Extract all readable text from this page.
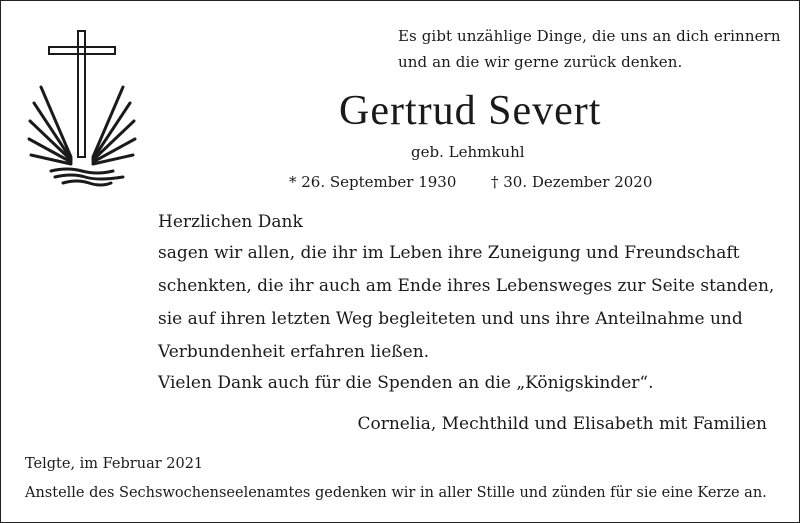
Es gibt unzählige Dinge, die uns an dich erinnern
und an die wir gerne zurück denken.
Gertrud Severt
geb. Lehmkuhl
* 26. September 1930 † 30. Dezember 2020
Herzlichen Dank
sagen wir allen, die ihr im Leben ihre Zuneigung und Freundschaft
schenkten, die ihr auch am Ende ihres Lebensweges zur Seite standen,
sie auf ihren letzten Weg begleiteten und uns ihre Anteilnahme und
Verbundenheit erfahren ließen.
Vielen Dank auch für die Spenden an die „Königskinder“.
Cornelia, Mechthild und Elisabeth mit Familien
Telgte, im Februar 2021
Anstelle des Sechswochenseelenamtes gedenken wir in aller Stille und zünden für sie eine Kerze an.
